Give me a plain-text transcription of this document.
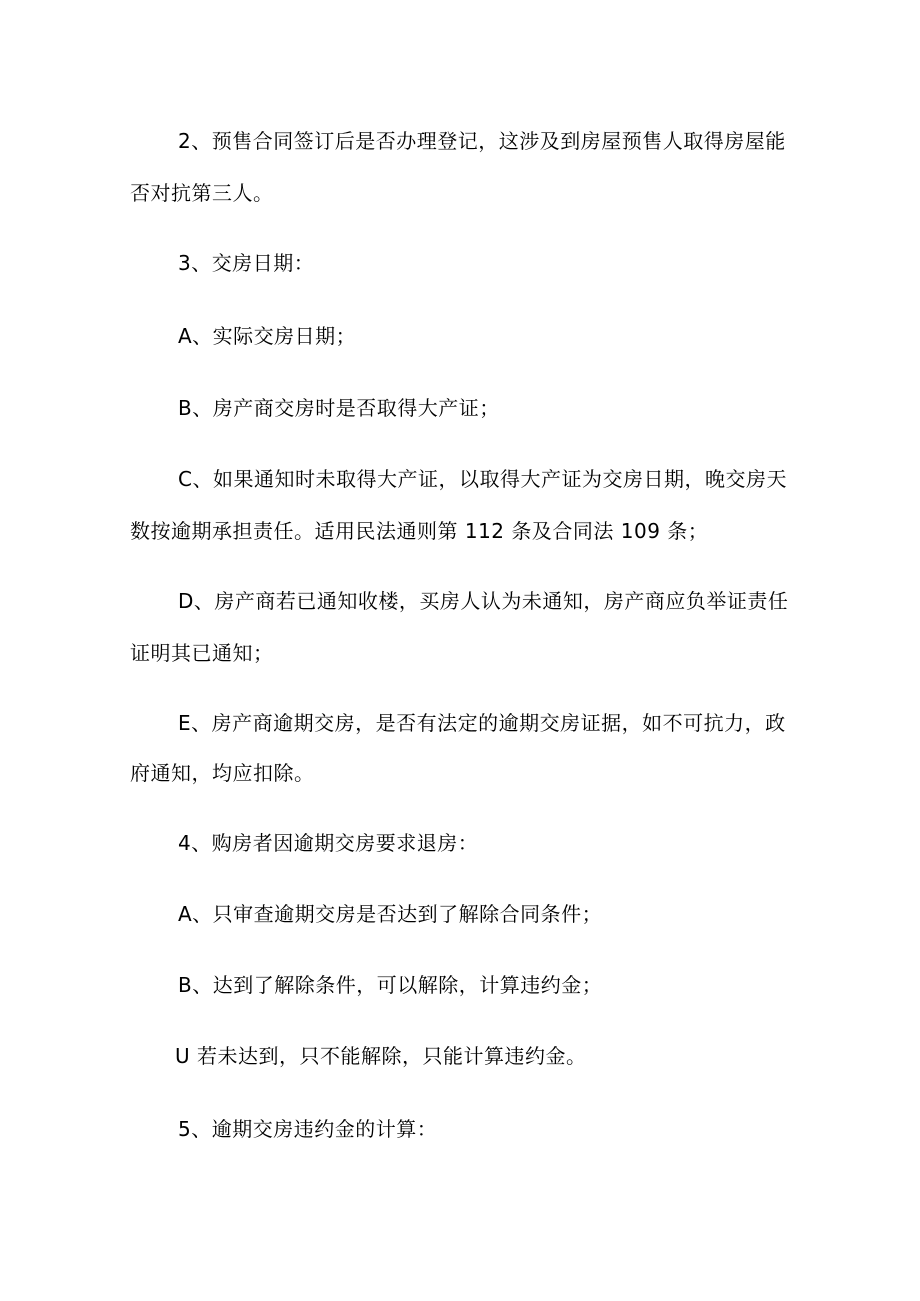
2、预售合同签订后是否办理登记，这涉及到房屋预售人取得房屋能
否对抗第三人。
3、交房日期：
A、实际交房日期；
B、房产商交房时是否取得大产证；
C、如果通知时未取得大产证，以取得大产证为交房日期，晚交房天
数按逾期承担责任。适用民法通则第 112 条及合同法 109 条；
D、房产商若已通知收楼，买房人认为未通知，房产商应负举证责任
证明其已通知；
E、房产商逾期交房，是否有法定的逾期交房证据，如不可抗力，政
府通知，均应扣除。
4、购房者因逾期交房要求退房：
A、只审查逾期交房是否达到了解除合同条件；
B、达到了解除条件，可以解除，计算违约金；
U 若未达到，只不能解除，只能计算违约金。
5、逾期交房违约金的计算：
